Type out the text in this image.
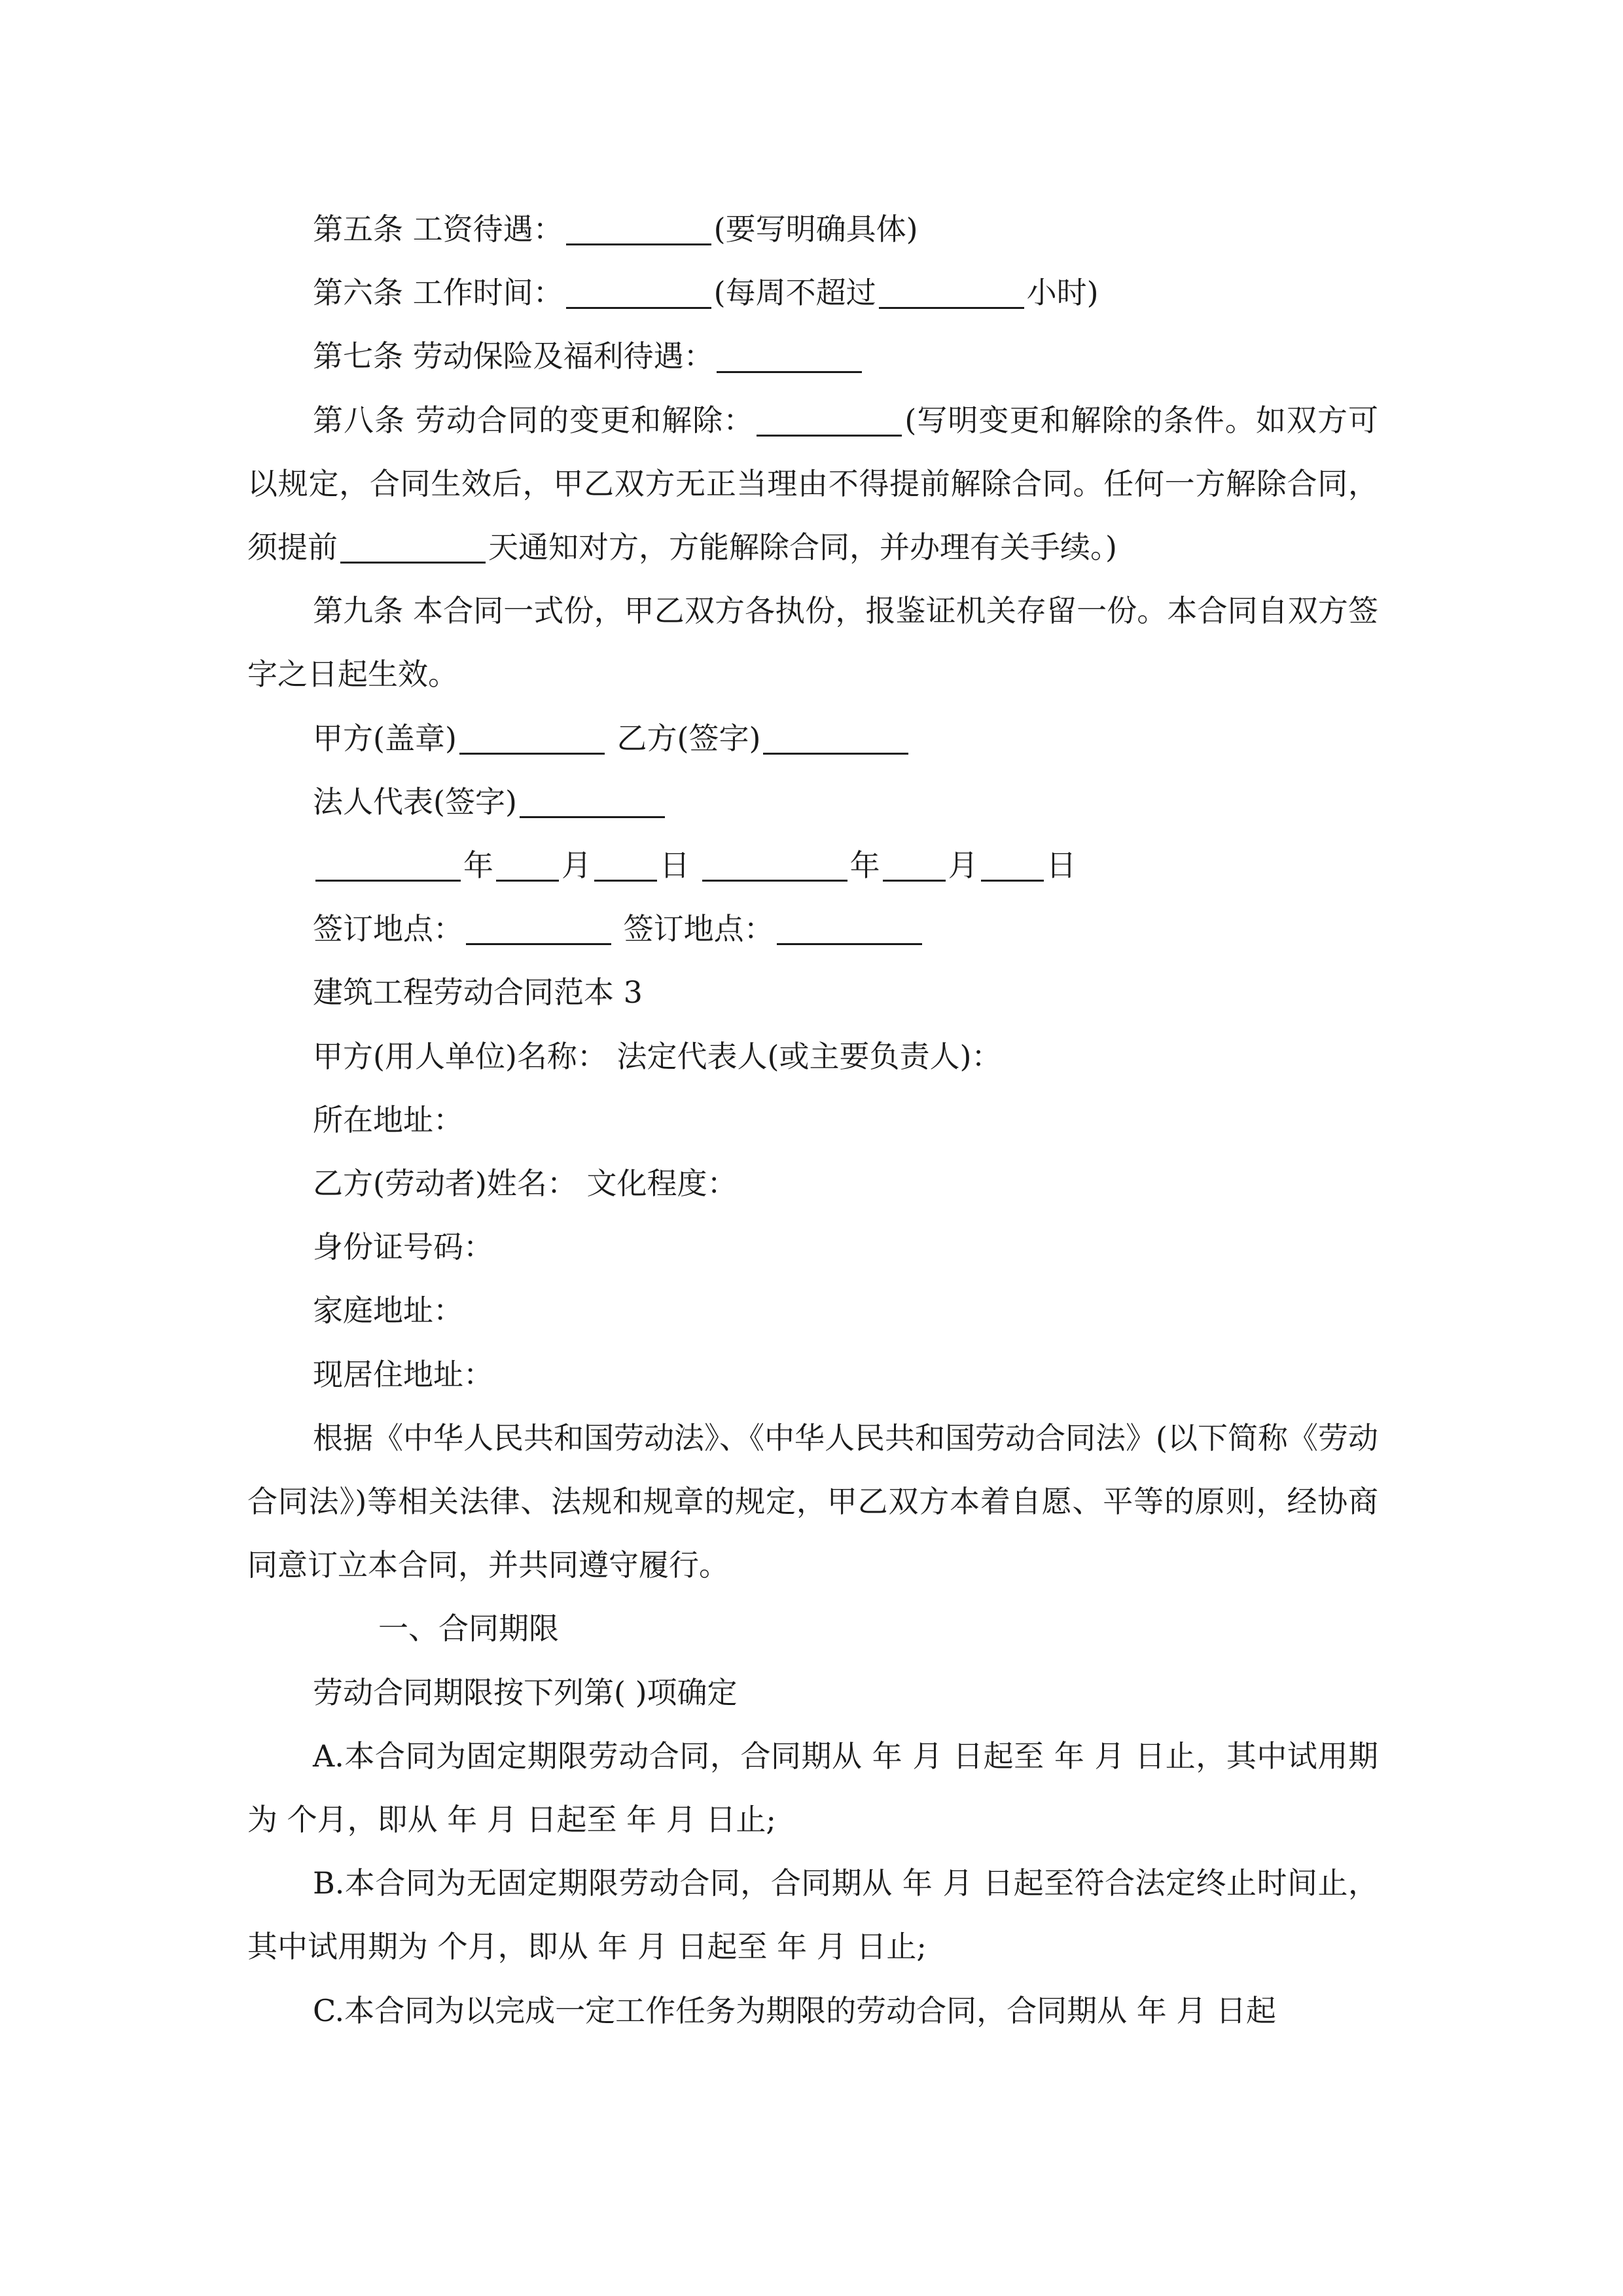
第五条 工资待遇：	(要写明确具体)

第六条 工作时间：	(每周不超过	小时)

第七条 劳动保险及福利待遇：

第八条 劳动合同的变更和解除：	(写明变更和解除的条件。如双方可以规定，合同生效后，甲乙双方无正当理由不得提前解除合同。任何一方解除合同，须提前	天通知对方，方能解除合同，并办理有关手续。)

第九条 本合同一式份，甲乙双方各执份，报鉴证机关存留一份。本合同自双方签字之日起生效。

甲方(盖章)	乙方(签字)

法人代表(签字)

年 月 日	年 月 日

签订地点：	签订地点：

建筑工程劳动合同范本 3

甲方(用人单位)名称： 法定代表人(或主要负责人)：

所在地址：

乙方(劳动者)姓名： 文化程度：

身份证号码：

家庭地址：

现居住地址：

根据《中华人民共和国劳动法》、《中华人民共和国劳动合同法》(以下简称《劳动合同法》)等相关法律、法规和规章的规定，甲乙双方本着自愿、平等的原则，经协商同意订立本合同，并共同遵守履行。

一、合同期限

劳动合同期限按下列第( )项确定

A.本合同为固定期限劳动合同，合同期从 年 月 日起至 年 月 日止，其中试用期为 个月，即从 年 月 日起至 年 月 日止;

B.本合同为无固定期限劳动合同，合同期从 年 月 日起至符合法定终止时间止，其中试用期为 个月，即从 年 月 日起至 年 月 日止;

C.本合同为以完成一定工作任务为期限的劳动合同，合同期从 年 月 日起
